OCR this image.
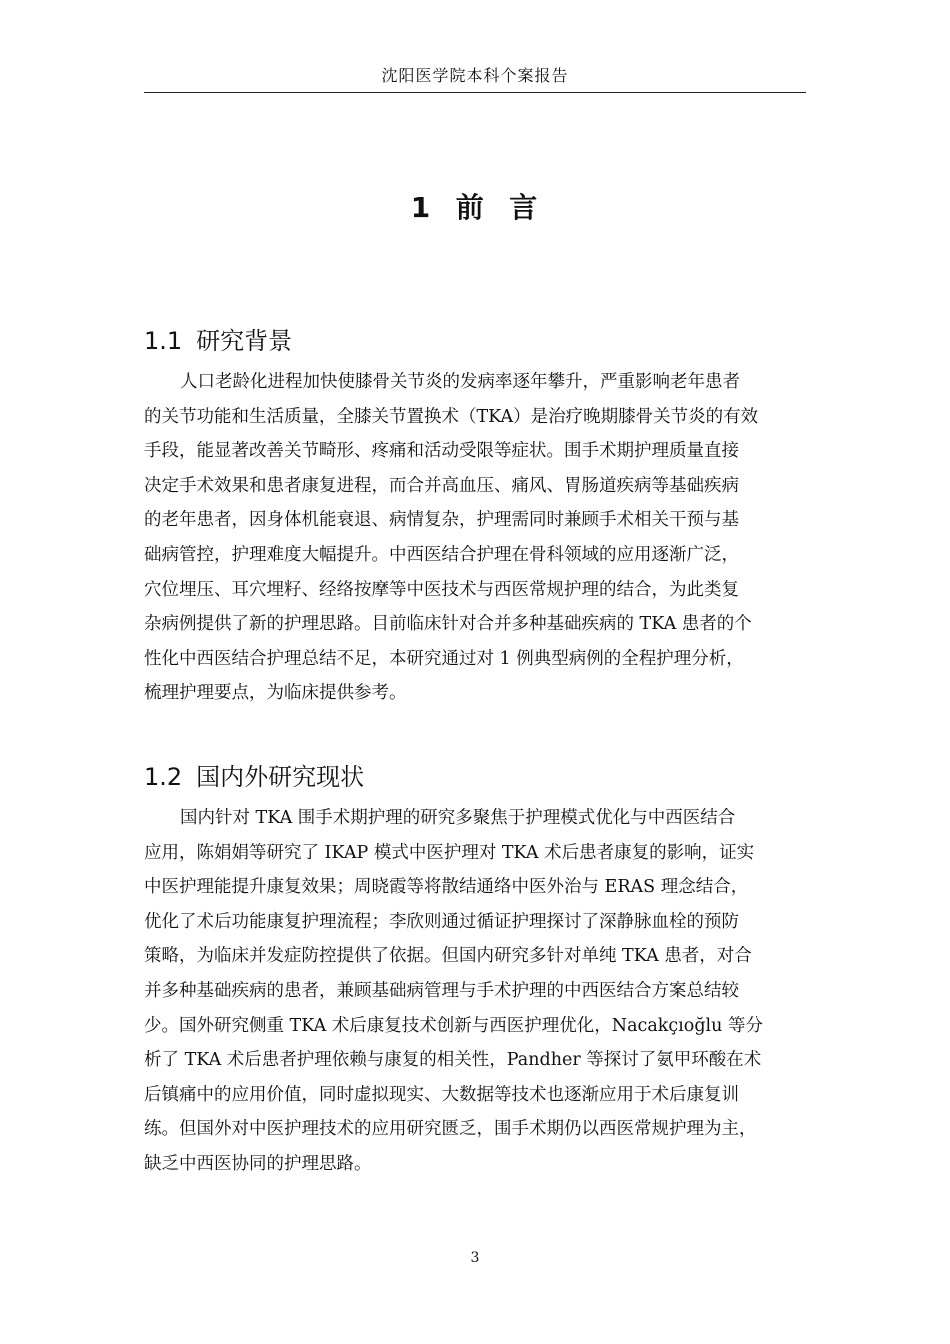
沈阳医学院本科个案报告
1  前  言
1.1 研究背景

人口老龄化进程加快使膝骨关节炎的发病率逐年攀升，严重影响老年患者
的关节功能和生活质量，全膝关节置换术（TKA）是治疗晚期膝骨关节炎的有效
手段，能显著改善关节畸形、疼痛和活动受限等症状。围手术期护理质量直接
决定手术效果和患者康复进程，而合并高血压、痛风、胃肠道疾病等基础疾病
的老年患者，因身体机能衰退、病情复杂，护理需同时兼顾手术相关干预与基
础病管控，护理难度大幅提升。中西医结合护理在骨科领域的应用逐渐广泛，
穴位埋压、耳穴埋籽、经络按摩等中医技术与西医常规护理的结合，为此类复
杂病例提供了新的护理思路。目前临床针对合并多种基础疾病的 TKA 患者的个
性化中西医结合护理总结不足，本研究通过对 1 例典型病例的全程护理分析，
梳理护理要点，为临床提供参考。

1.2 国内外研究现状

国内针对 TKA 围手术期护理的研究多聚焦于护理模式优化与中西医结合
应用，陈娟娟等研究了 IKAP 模式中医护理对 TKA 术后患者康复的影响，证实
中医护理能提升康复效果；周晓霞等将散结通络中医外治与 ERAS 理念结合，
优化了术后功能康复护理流程；李欣则通过循证护理探讨了深静脉血栓的预防
策略，为临床并发症防控提供了依据。但国内研究多针对单纯 TKA 患者，对合
并多种基础疾病的患者，兼顾基础病管理与手术护理的中西医结合方案总结较
少。国外研究侧重 TKA 术后康复技术创新与西医护理优化，Nacakçıoğlu 等分
析了 TKA 术后患者护理依赖与康复的相关性，Pandher 等探讨了氨甲环酸在术
后镇痛中的应用价值，同时虚拟现实、大数据等技术也逐渐应用于术后康复训
练。但国外对中医护理技术的应用研究匮乏，围手术期仍以西医常规护理为主，
缺乏中西医协同的护理思路。

3
